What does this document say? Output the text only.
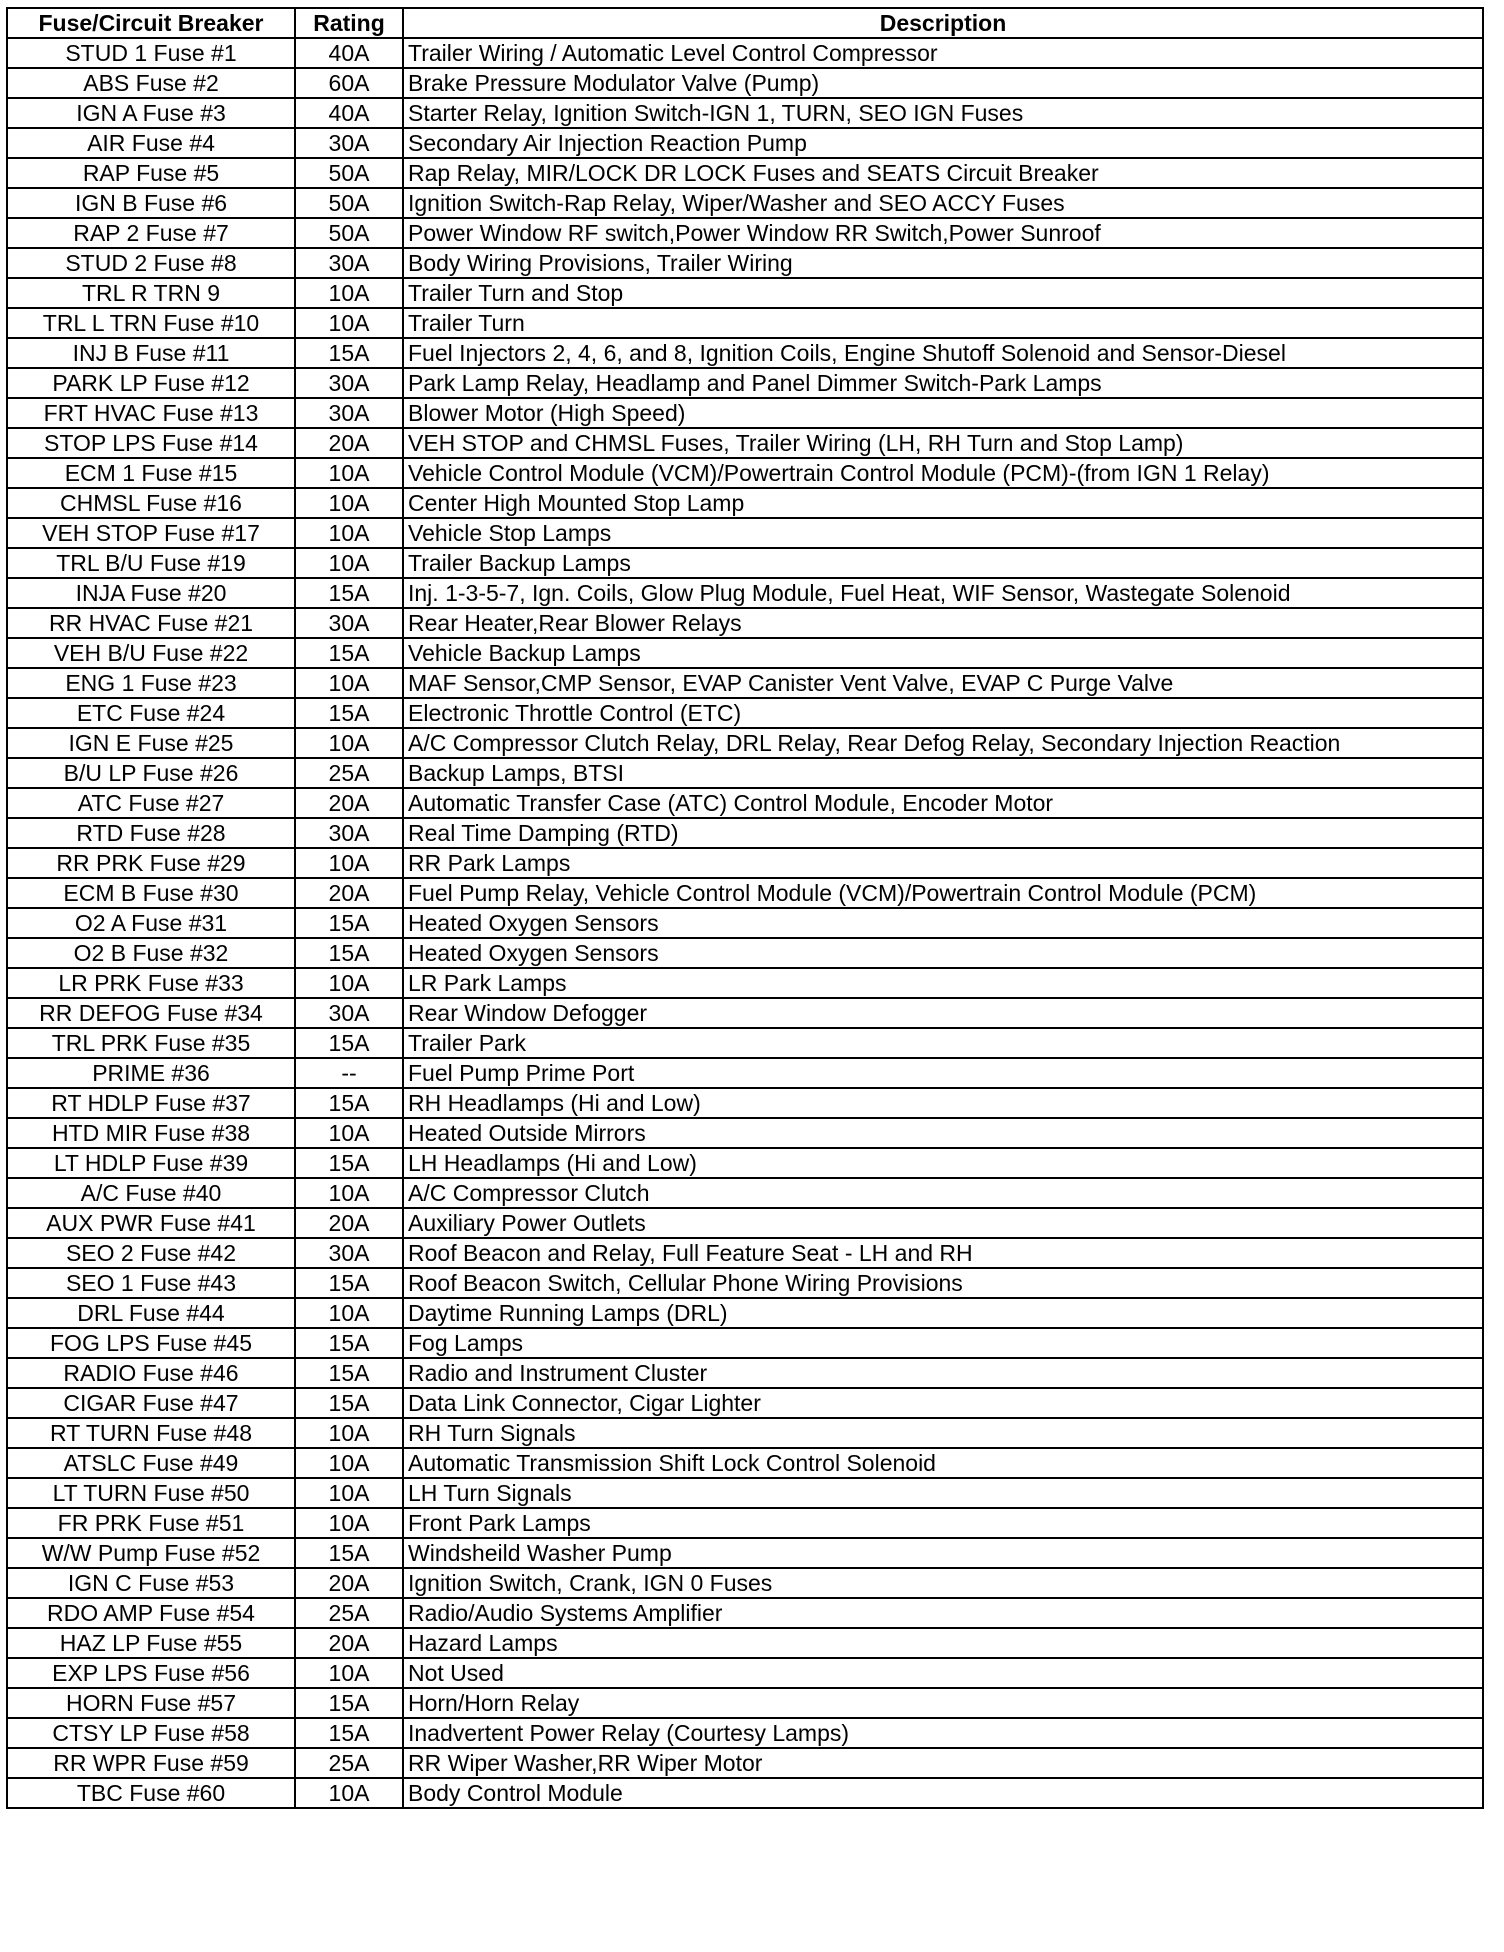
Fuse/Circuit Breaker	Rating	Description
STUD 1 Fuse #1	40A	Trailer Wiring / Automatic Level Control Compressor
ABS Fuse #2	60A	Brake Pressure Modulator Valve (Pump)
IGN A Fuse #3	40A	Starter Relay, Ignition Switch-IGN 1, TURN, SEO IGN Fuses
AIR Fuse #4	30A	Secondary Air Injection Reaction Pump
RAP Fuse #5	50A	Rap Relay, MIR/LOCK DR LOCK Fuses and SEATS Circuit Breaker
IGN B Fuse #6	50A	Ignition Switch-Rap Relay, Wiper/Washer and SEO ACCY Fuses
RAP 2 Fuse #7	50A	Power Window RF switch,Power Window RR Switch,Power Sunroof
STUD 2 Fuse #8	30A	Body Wiring Provisions, Trailer Wiring
TRL R TRN 9	10A	Trailer Turn and Stop
TRL L TRN Fuse #10	10A	Trailer Turn
INJ B Fuse #11	15A	Fuel Injectors 2, 4, 6, and 8, Ignition Coils, Engine Shutoff Solenoid and Sensor-Diesel
PARK LP Fuse #12	30A	Park Lamp Relay, Headlamp and Panel Dimmer Switch-Park Lamps
FRT HVAC Fuse #13	30A	Blower Motor (High Speed)
STOP LPS Fuse #14	20A	VEH STOP and CHMSL Fuses, Trailer Wiring (LH, RH Turn and Stop Lamp)
ECM 1 Fuse #15	10A	Vehicle Control Module (VCM)/Powertrain Control Module (PCM)-(from IGN 1 Relay)
CHMSL Fuse #16	10A	Center High Mounted Stop Lamp
VEH STOP Fuse #17	10A	Vehicle Stop Lamps
TRL B/U Fuse #19	10A	Trailer Backup Lamps
INJA Fuse #20	15A	Inj. 1-3-5-7, Ign. Coils, Glow Plug Module, Fuel Heat, WIF Sensor, Wastegate Solenoid
RR HVAC Fuse #21	30A	Rear Heater,Rear Blower Relays
VEH B/U Fuse #22	15A	Vehicle Backup Lamps
ENG 1 Fuse #23	10A	MAF Sensor,CMP Sensor, EVAP Canister Vent Valve, EVAP C Purge Valve
ETC Fuse #24	15A	Electronic Throttle Control (ETC)
IGN E Fuse #25	10A	A/C Compressor Clutch Relay, DRL Relay, Rear Defog Relay, Secondary Injection Reaction
B/U LP Fuse #26	25A	Backup Lamps, BTSI
ATC Fuse #27	20A	Automatic Transfer Case (ATC) Control Module, Encoder Motor
RTD Fuse #28	30A	Real Time Damping (RTD)
RR PRK Fuse #29	10A	RR Park Lamps
ECM B Fuse #30	20A	Fuel Pump Relay, Vehicle Control Module (VCM)/Powertrain Control Module (PCM)
O2 A Fuse #31	15A	Heated Oxygen Sensors
O2 B Fuse #32	15A	Heated Oxygen Sensors
LR PRK Fuse #33	10A	LR Park Lamps
RR DEFOG Fuse #34	30A	Rear Window Defogger
TRL PRK Fuse #35	15A	Trailer Park
PRIME #36	--	Fuel Pump Prime Port
RT HDLP Fuse #37	15A	RH Headlamps (Hi and Low)
HTD MIR Fuse #38	10A	Heated Outside Mirrors
LT HDLP Fuse #39	15A	LH Headlamps (Hi and Low)
A/C Fuse #40	10A	A/C Compressor Clutch
AUX PWR Fuse #41	20A	Auxiliary Power Outlets
SEO 2 Fuse #42	30A	Roof Beacon and Relay, Full Feature Seat - LH and RH
SEO 1 Fuse #43	15A	Roof Beacon Switch, Cellular Phone Wiring Provisions
DRL Fuse #44	10A	Daytime Running Lamps (DRL)
FOG LPS Fuse #45	15A	Fog Lamps
RADIO Fuse #46	15A	Radio and Instrument Cluster
CIGAR Fuse #47	15A	Data Link Connector, Cigar Lighter
RT TURN Fuse #48	10A	RH Turn Signals
ATSLC Fuse #49	10A	Automatic Transmission Shift Lock Control Solenoid
LT TURN Fuse #50	10A	LH Turn Signals
FR PRK Fuse #51	10A	Front Park Lamps
W/W Pump Fuse #52	15A	Windsheild Washer Pump
IGN C Fuse #53	20A	Ignition Switch, Crank, IGN 0 Fuses
RDO AMP Fuse #54	25A	Radio/Audio Systems Amplifier
HAZ LP Fuse #55	20A	Hazard Lamps
EXP LPS Fuse #56	10A	Not Used
HORN Fuse #57	15A	Horn/Horn Relay
CTSY LP Fuse #58	15A	Inadvertent Power Relay (Courtesy Lamps)
RR WPR Fuse #59	25A	RR Wiper Washer,RR Wiper Motor
TBC Fuse #60	10A	Body Control Module
